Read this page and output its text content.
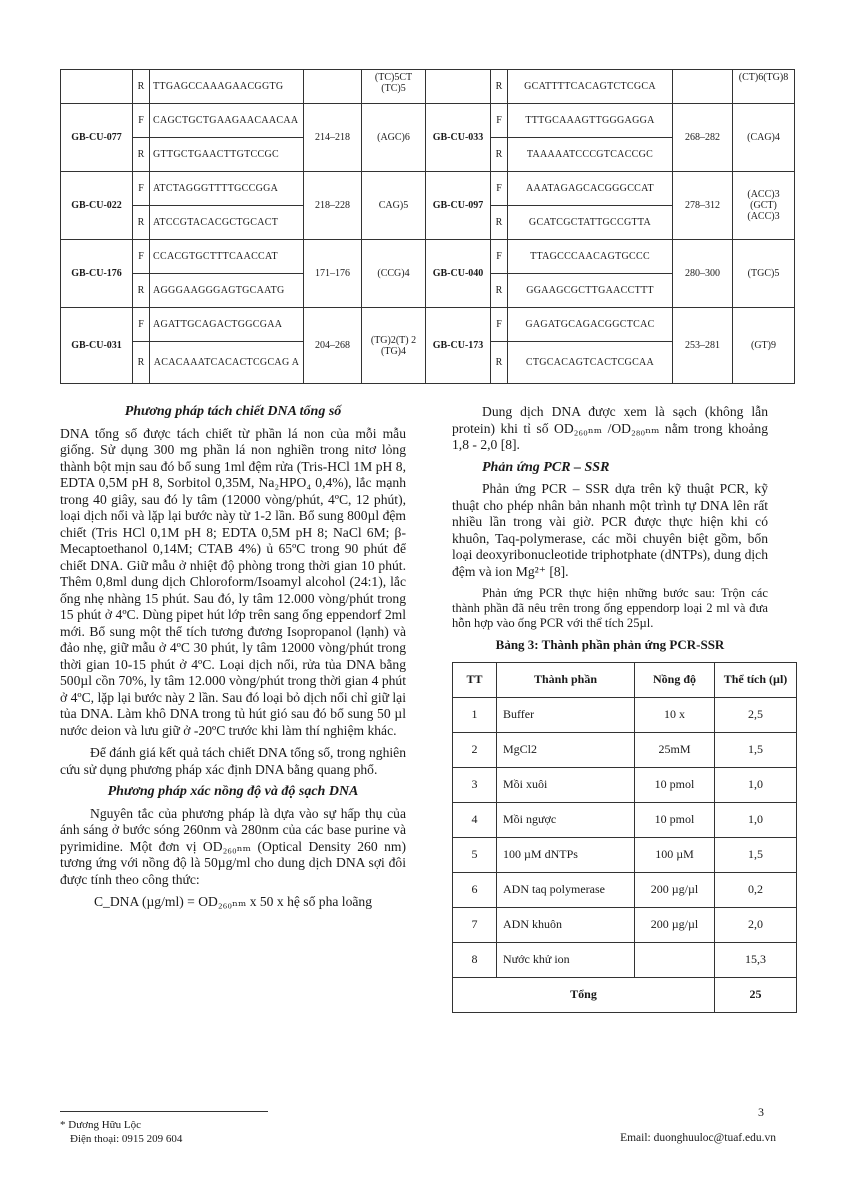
	R	TTGAGCCAAAGAACGGTG		(TC)5CT (TC)5		R	GCATTTTCACAGTCTCGCA		(CT)6(TG)8
GB-CU-077	F	CAGCTGCTGAAGAACAACAA	214–218	(AGC)6	GB-CU-033	F	TTTGCAAAGTTGGGAGGA	268–282	(CAG)4
	R	GTTGCTGAACTTGTCCGC				R	TAAAAATCCCGTCACCGC		
GB-CU-022	F	ATCTAGGGTTTTGCCGGA	218–228	CAG)5	GB-CU-097	F	AAATAGAGCACGGGCCAT	278–312	(ACC)3 (GCT) (ACC)3
	R	ATCCGTACACGCTGCACT				R	GCATCGCTATTGCCGTTA		
GB-CU-176	F	CCACGTGCTTTCAACCAT	171–176	(CCG)4	GB-CU-040	F	TTAGCCCAACAGTGCCC	280–300	(TGC)5
	R	AGGGAAGGGAGTGCAATG				R	GGAAGCGCTTGAACCTTT		
GB-CU-031	F	AGATTGCAGACTGGCGAA	204–268	(TG)2(T) 2 (TG)4	GB-CU-173	F	GAGATGCAGACGGCTCAC	253–281	(GT)9
	R	ACACAAATCACACTCGCAG A				R	CTGCACAGTCACTCGCAA		
Phương pháp tách chiết DNA tổng số

DNA tổng số được tách chiết từ phần lá non của mỗi mẫu giống. Sử dụng 300 mg phần lá non nghiền trong nitơ lỏng thành bột mịn sau đó bổ sung 1ml đệm rửa (Tris-HCl 1M pH 8, EDTA 0,5M pH 8, Sorbitol 0,35M, Na₂HPO₄ 0,4%), lắc mạnh trong 40 giây, sau đó ly tâm (12000 vòng/phút, 4ºC, 12 phút), loại dịch nổi và lặp lại bước này từ 1-2 lần. Bổ sung 800µl đệm chiết (Tris HCl 0,1M pH 8; EDTA 0,5M pH 8; NaCl 6M; β-Mecaptoethanol 0,14M; CTAB 4%) ủ 65ºC trong 90 phút để chiết DNA. Giữ mẫu ở nhiệt độ phòng trong thời gian 10 phút. Thêm 0,8ml dung dịch Chloroform/Isoamyl alcohol (24:1), lắc ống nhẹ nhàng 15 phút. Sau đó, ly tâm 12.000 vòng/phút trong 15 phút ở 4ºC. Dùng pipet hút lớp trên sang ống eppendorf 2ml mới. Bổ sung một thể tích tương đương Isopropanol (lạnh) và đảo nhẹ, giữ mẫu ở 4ºC 30 phút, ly tâm 12000 vòng/phút trong thời gian 10-15 phút ở 4ºC. Loại dịch nổi, rửa tủa DNA bằng 500µl cồn 70%, ly tâm 12.000 vòng/phút trong thời gian 4 phút ở 4ºC, lặp lại bước này 2 lần. Sau đó loại bỏ dịch nổi chỉ giữ lại tủa DNA. Làm khô DNA trong tủ hút gió sau đó bổ sung 50 µl nước deion và lưu giữ ở -20ºC trước khi làm thí nghiệm khác.

Để đánh giá kết quả tách chiết DNA tổng số, trong nghiên cứu sử dụng phương pháp xác định DNA bằng quang phổ.

Phương pháp xác nồng độ và độ sạch DNA

Nguyên tắc của phương pháp là dựa vào sự hấp thụ của ánh sáng ở bước sóng 260nm và 280nm của các base purine và pyrimidine. Một đơn vị OD₂₆₀ₙₘ (Optical Density 260 nm) tương ứng với nồng độ là 50µg/ml cho dung dịch DNA sợi đôi được tính theo công thức:

C_DNA (µg/ml) = OD₂₆₀ₙₘ x 50 x hệ số pha loãng

Dung dịch DNA được xem là sạch (không lẫn protein) khi tỉ số OD₂₆₀ₙₘ /OD₂₈₀ₙₘ nằm trong khoảng 1,8 - 2,0 [8].

Phản ứng PCR – SSR

Phản ứng PCR – SSR dựa trên kỹ thuật PCR, kỹ thuật cho phép nhân bản nhanh một trình tự DNA lên rất nhiều lần trong vài giờ. PCR được thực hiện khi có khuôn, Taq-polymerase, các mồi chuyên biệt gồm, bốn loại deoxyribonucleotide triphotphate (dNTPs), dung dịch đệm và ion Mg²⁺ [8].

Phản ứng PCR thực hiện những bước sau: Trộn các thành phần đã nêu trên trong ống eppendorp loại 2 ml và đưa hỗn hợp vào ống PCR với thể tích 25µl.

Bảng 3: Thành phần phản ứng PCR-SSR
TT	Thành phần	Nồng độ	Thể tích (µl)
1	Buffer	10 x	2,5
2	MgCl2	25mM	1,5
3	Mồi xuôi	10 pmol	1,0
4	Mồi ngược	10 pmol	1,0
5	100 µM dNTPs	100 µM	1,5
6	ADN taq polymerase	200 µg/µl	0,2
7	ADN khuôn	200 µg/µl	2,0
8	Nước khử ion		15,3
Tổng			25
3
* Dương Hữu Lộc
Điện thoại: 0915 209 604	Email: duonghuuloc@tuaf.edu.vn
